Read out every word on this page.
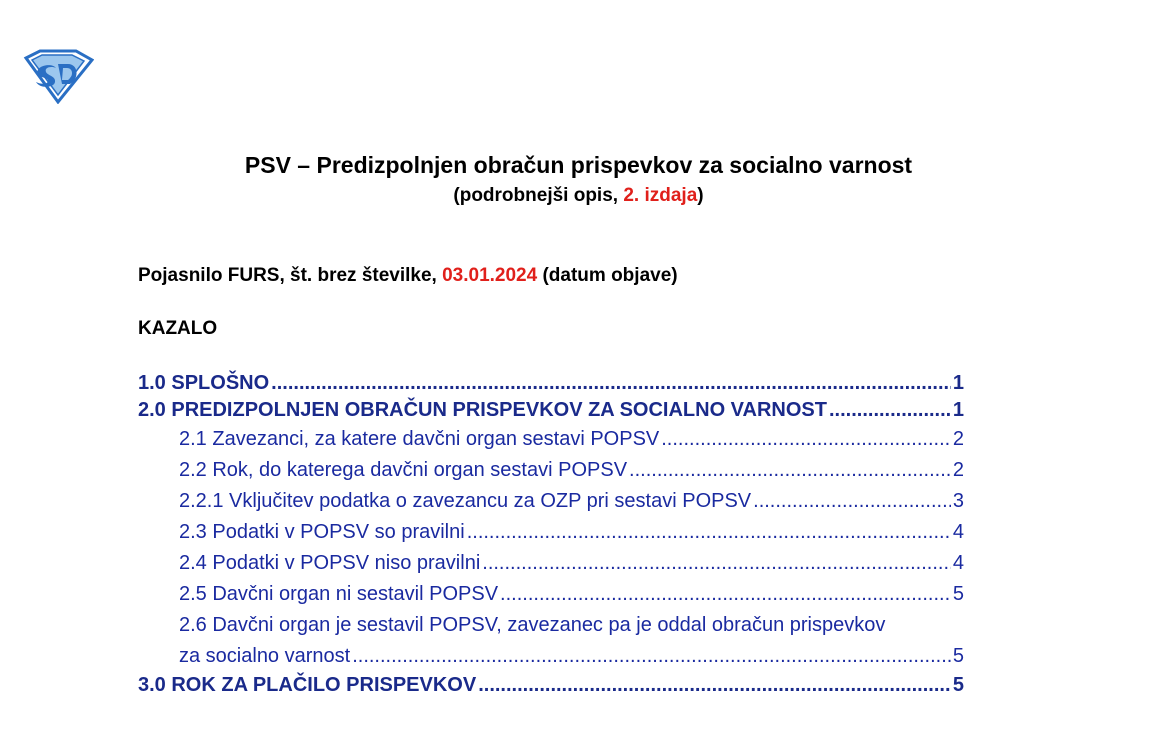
PSV – Predizpolnjen obračun prispevkov za socialno varnost
(podrobnejši opis, 2. izdaja)
Pojasnilo FURS, št. brez številke, 03.01.2024 (datum objave)
KAZALO
1.0 SPLOŠNO .....	1
2.0 PREDIZPOLNJEN OBRAČUN PRISPEVKOV ZA SOCIALNO VARNOST .....	1
2.1 Zavezanci, za katere davčni organ sestavi POPSV .....	2
2.2 Rok, do katerega davčni organ sestavi POPSV .....	2
2.2.1 Vključitev podatka o zavezancu za OZP pri sestavi POPSV .....	3
2.3 Podatki v POPSV so pravilni .....	4
2.4 Podatki v POPSV niso pravilni .....	4
2.5 Davčni organ ni sestavil POPSV .....	5
2.6 Davčni organ je sestavil POPSV, zavezanec pa je oddal obračun prispevkov
za socialno varnost .....	5
3.0 ROK ZA PLAČILO PRISPEVKOV .....	5
